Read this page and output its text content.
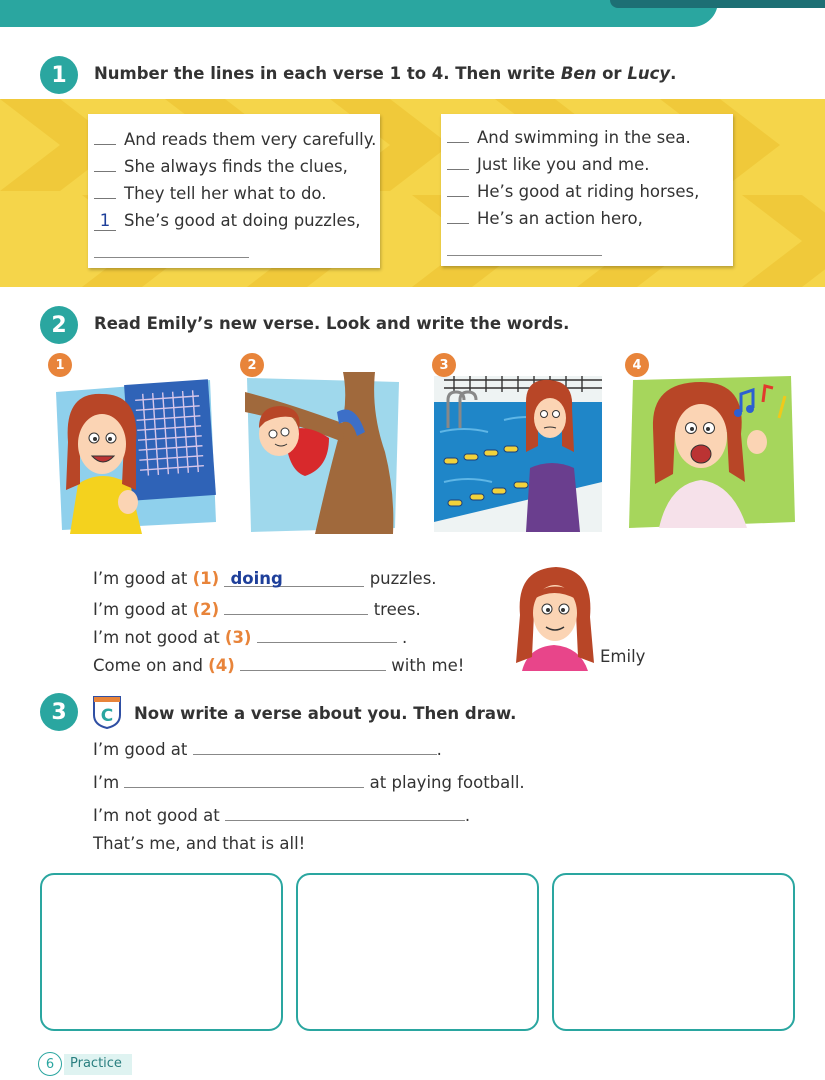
1	Number the lines in each verse 1 to 4. Then write Ben or Lucy.
And reads them very carefully.
She always finds the clues,
They tell her what to do.
1 She’s good at doing puzzles,
And swimming in the sea.
Just like you and me.
He’s good at riding horses,
He’s an action hero,
2	Read Emily’s new verse. Look and write the words.
1	2	3	4
I’m good at (1) doing	puzzles.
I’m good at (2)	trees.
I’m not good at (3)	.
Come on and (4)	with me!	Emily
3	C Now write a verse about you. Then draw.
I’m good at	.
I’m	at playing football.
I’m not good at	.
That’s me, and that is all!
Practice
6
